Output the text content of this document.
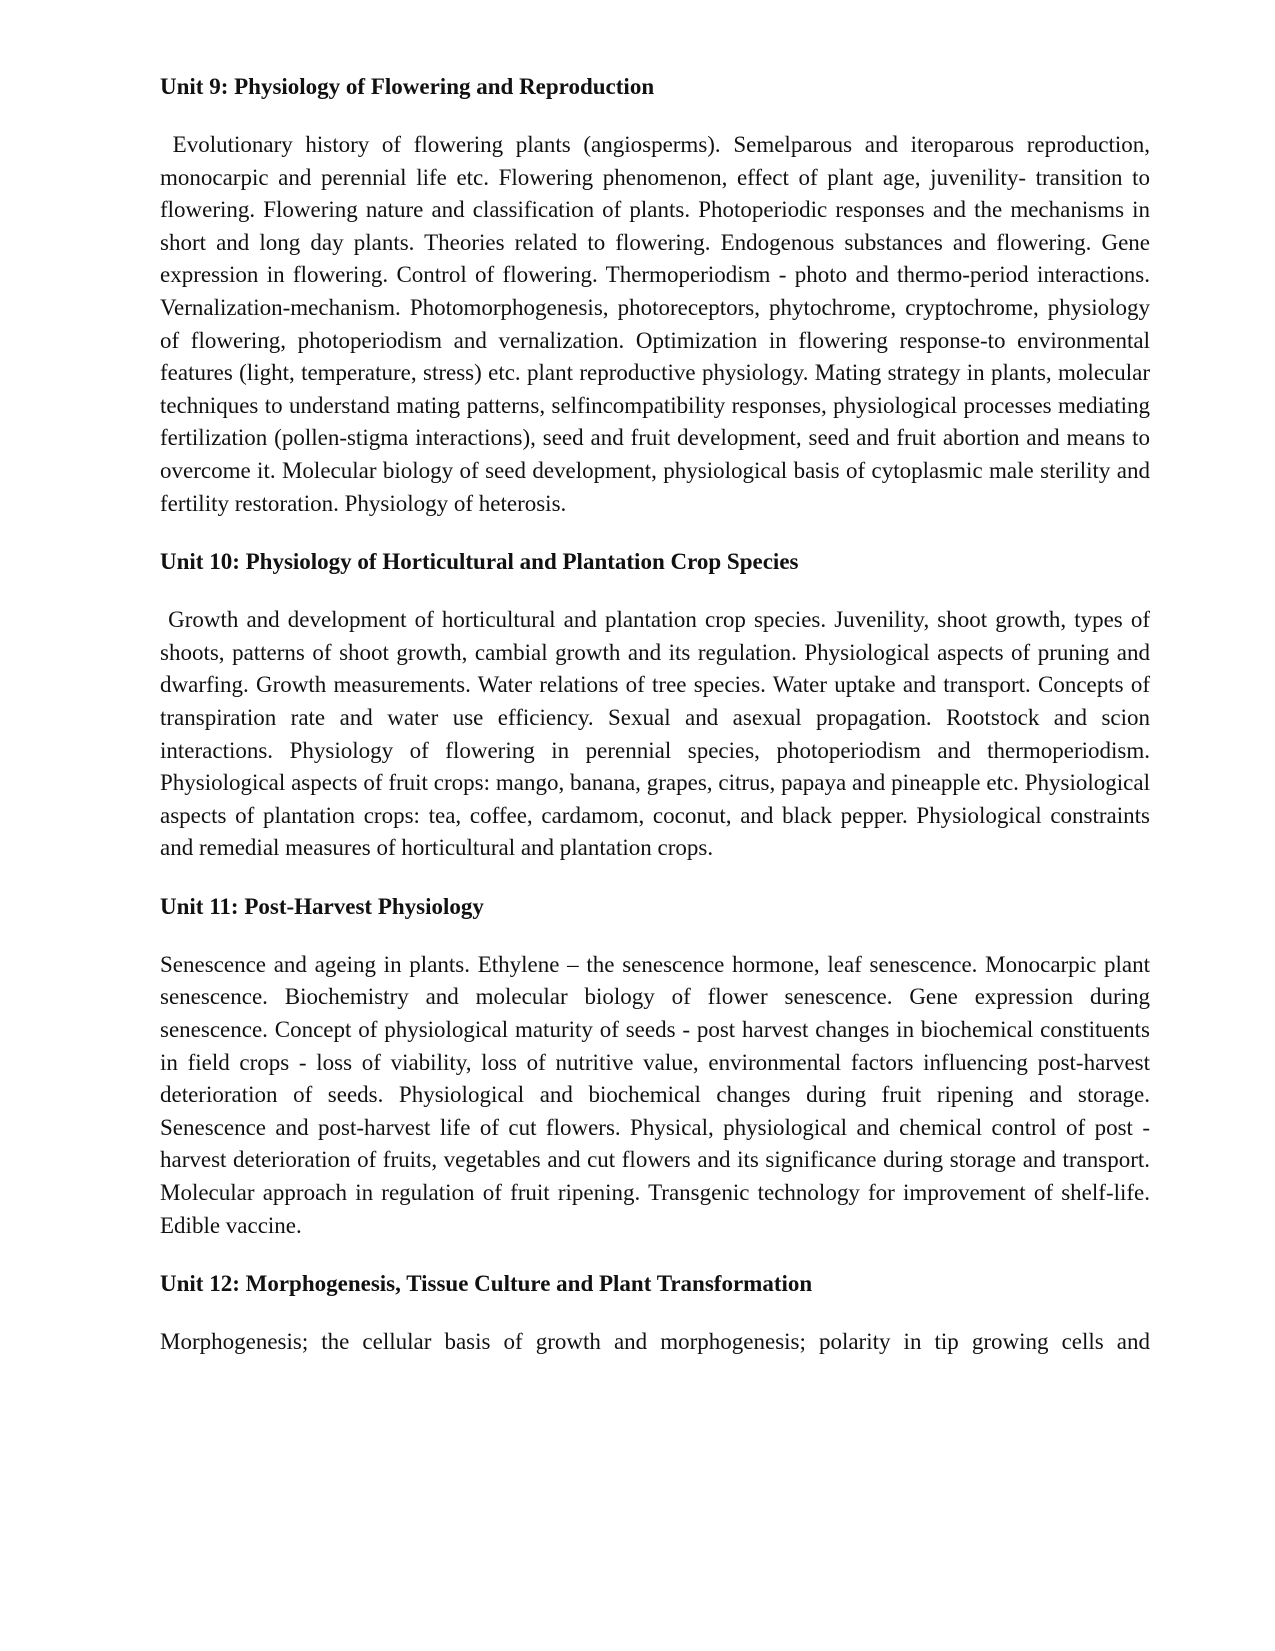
Unit 9: Physiology of Flowering and Reproduction
Evolutionary history of flowering plants (angiosperms). Semelparous and iteroparous reproduction, monocarpic and perennial life etc. Flowering phenomenon, effect of plant age, juvenility- transition to flowering. Flowering nature and classification of plants. Photoperiodic responses and the mechanisms in short and long day plants. Theories related to flowering. Endogenous substances and flowering. Gene expression in flowering. Control of flowering. Thermoperiodism - photo and thermo-period interactions. Vernalization-mechanism. Photomorphogenesis, photoreceptors, phytochrome, cryptochrome, physiology of flowering, photoperiodism and vernalization. Optimization in flowering response-to environmental features (light, temperature, stress) etc. plant reproductive physiology. Mating strategy in plants, molecular techniques to understand mating patterns, selfincompatibility responses, physiological processes mediating fertilization (pollen-stigma interactions), seed and fruit development, seed and fruit abortion and means to overcome it. Molecular biology of seed development, physiological basis of cytoplasmic male sterility and fertility restoration. Physiology of heterosis.
Unit 10: Physiology of Horticultural and Plantation Crop Species
Growth and development of horticultural and plantation crop species. Juvenility, shoot growth, types of shoots, patterns of shoot growth, cambial growth and its regulation. Physiological aspects of pruning and dwarfing. Growth measurements. Water relations of tree species. Water uptake and transport. Concepts of transpiration rate and water use efficiency. Sexual and asexual propagation. Rootstock and scion interactions. Physiology of flowering in perennial species, photoperiodism and thermoperiodism. Physiological aspects of fruit crops: mango, banana, grapes, citrus, papaya and pineapple etc. Physiological aspects of plantation crops: tea, coffee, cardamom, coconut, and black pepper. Physiological constraints and remedial measures of horticultural and plantation crops.
Unit 11: Post-Harvest Physiology
Senescence and ageing in plants. Ethylene – the senescence hormone, leaf senescence. Monocarpic plant senescence. Biochemistry and molecular biology of flower senescence. Gene expression during senescence. Concept of physiological maturity of seeds - post harvest changes in biochemical constituents in field crops - loss of viability, loss of nutritive value, environmental factors influencing post-harvest deterioration of seeds. Physiological and biochemical changes during fruit ripening and storage. Senescence and post-harvest life of cut flowers. Physical, physiological and chemical control of post - harvest deterioration of fruits, vegetables and cut flowers and its significance during storage and transport. Molecular approach in regulation of fruit ripening. Transgenic technology for improvement of shelf-life. Edible vaccine.
Unit 12: Morphogenesis, Tissue Culture and Plant Transformation
Morphogenesis; the cellular basis of growth and morphogenesis; polarity in tip growing cells and
